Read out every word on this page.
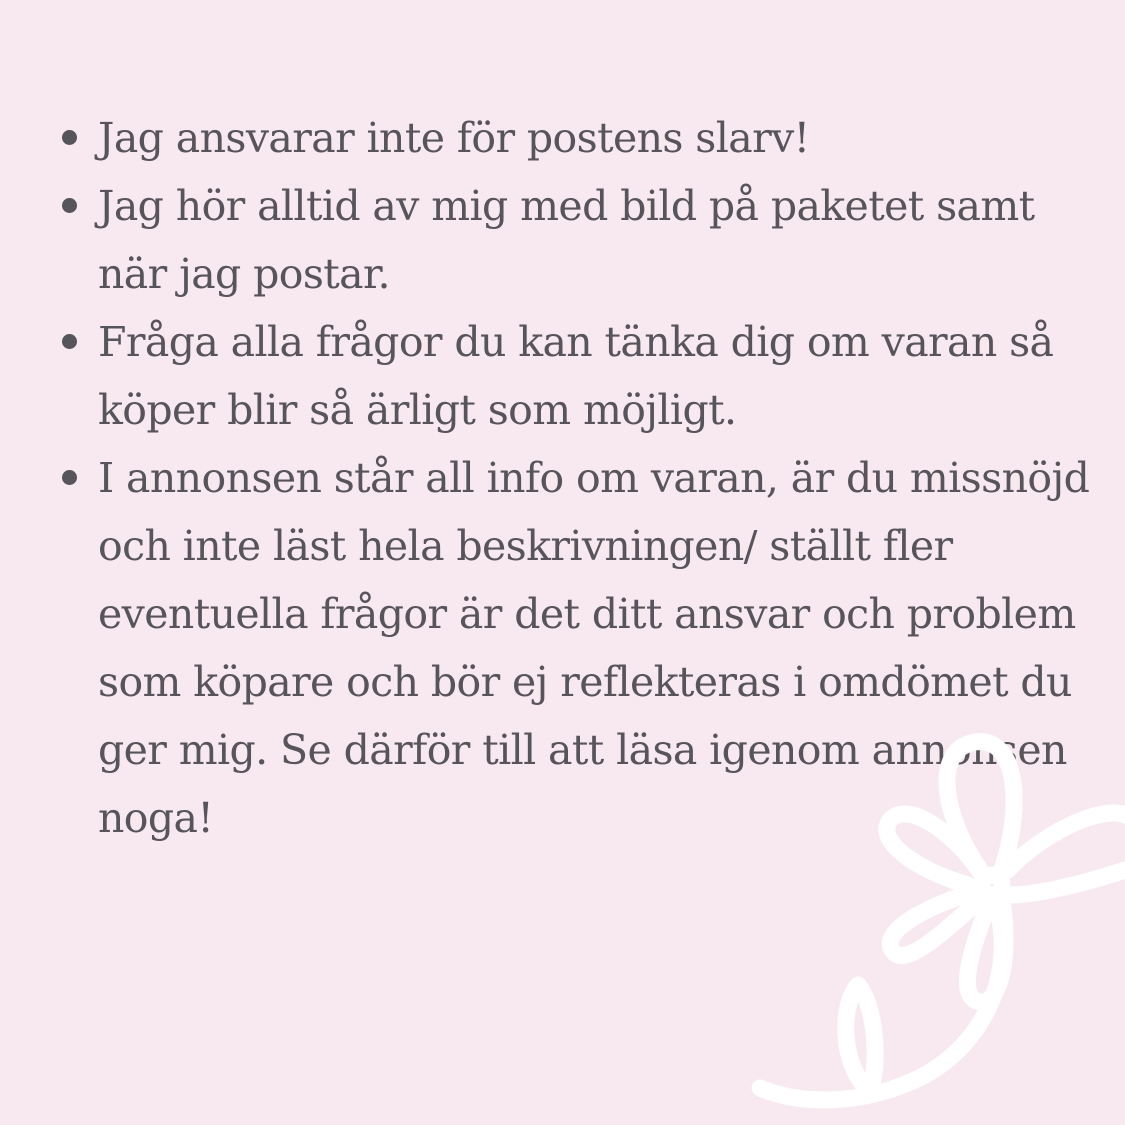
Jag ansvarar inte för postens slarv!
Jag hör alltid av mig med bild på paketet samt när jag postar.
Fråga alla frågor du kan tänka dig om varan så köper blir så ärligt som möjligt.
I annonsen står all info om varan, är du missnöjd och inte läst hela beskrivningen/ ställt fler eventuella frågor är det ditt ansvar och problem som köpare och bör ej reflekteras i omdömet du ger mig. Se därför till att läsa igenom annonsen noga!
